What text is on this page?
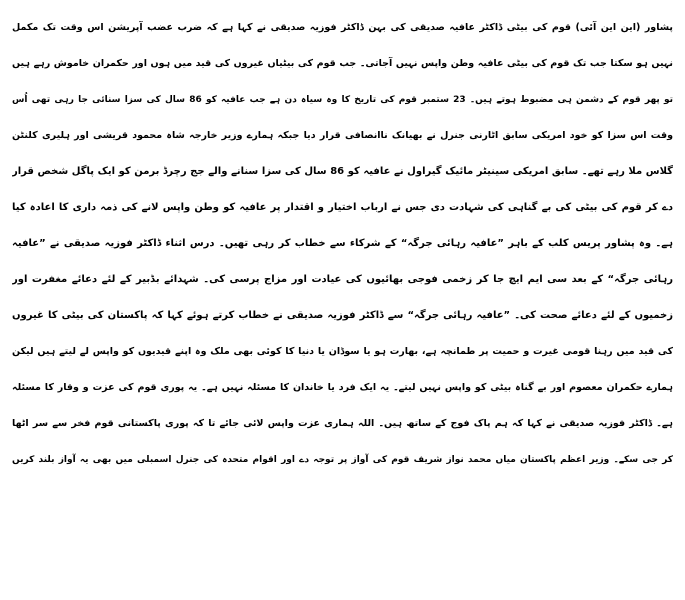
پشاور (این این آئی) قوم کی بیٹی ڈاکٹر عافیہ صدیقی کی بہن ڈاکٹر فوزیہ صدیقی نے کہا ہے کہ ضرب عضب آپریشن اس وقت تک مکمل
نہیں ہو سکتا جب تک قوم کی بیٹی عافیہ وطن واپس نہیں آجاتی۔ جب قوم کی بیٹیاں غیروں کی قید میں ہوں اور حکمران خاموش رہے ہیں
تو پھر قوم کے دشمن ہی مضبوط ہوتے ہیں۔ 23 ستمبر قوم کی تاریخ کا وہ سیاہ دن ہے جب عافیہ کو 86 سال کی سزا سنائی جا رہی تھی اُس
وقت اس سزا کو خود امریکی سابق اٹارنی جنرل نے بھیانک ناانصافی قرار دیا جبکہ ہمارے وزیر خارجہ شاہ محمود قریشی اور ہلیری کلنٹن
گلاس ملا رہے تھے۔ سابق امریکی سینیٹر مائیک گیراول نے عافیہ کو 86 سال کی سزا سنانے والے جج رچرڈ برمن کو ایک پاگل شخص قرار
دے کر قوم کی بیٹی کی بے گناہی کی شہادت دی جس نے ارباب اختیار و اقتدار پر عافیہ کو وطن واپس لانے کی ذمہ داری کا اعادہ کیا
ہے۔ وہ پشاور پریس کلب کے باہر ”عافیہ رہائی جرگہ“ کے شرکاء سے خطاب کر رہی تھیں۔ درس اثناء ڈاکٹر فوزیہ صدیقی نے ”عافیہ
رہائی جرگہ“ کے بعد سی ایم ایچ جا کر زخمی فوجی بھائیوں کی عیادت اور مزاج پرسی کی۔ شہدائے بڈبیر کے لئے دعائے مغفرت اور
زخمیوں کے لئے دعائے صحت کی۔ ”عافیہ رہائی جرگہ“ سے ڈاکٹر فوزیہ صدیقی نے خطاب کرتے ہوئے کہا کہ پاکستان کی بیٹی کا غیروں
کی قید میں رہنا قومی غیرت و حمیت پر طمانچہ ہے، بھارت ہو یا سوڈان یا دنیا کا کوئی بھی ملک وہ اپنے قیدیوں کو واپس لے لیتے ہیں لیکن
ہمارے حکمران معصوم اور بے گناہ بیٹی کو واپس نہیں لیتے۔ یہ ایک فرد یا خاندان کا مسئلہ نہیں ہے۔ یہ پوری قوم کی عزت و وقار کا مسئلہ
ہے۔ ڈاکٹر فوزیہ صدیقی نے کہا کہ ہم پاک فوج کے ساتھ ہیں۔ اللہ ہماری عزت واپس لائی جائے تا کہ پوری پاکستانی قوم فخر سے سر اٹھا
کر جی سکے۔ وزیر اعظم پاکستان میاں محمد نواز شریف قوم کی آواز پر توجہ دے اور اقوام متحدہ کی جنرل اسمبلی میں بھی یہ آواز بلند کریں
